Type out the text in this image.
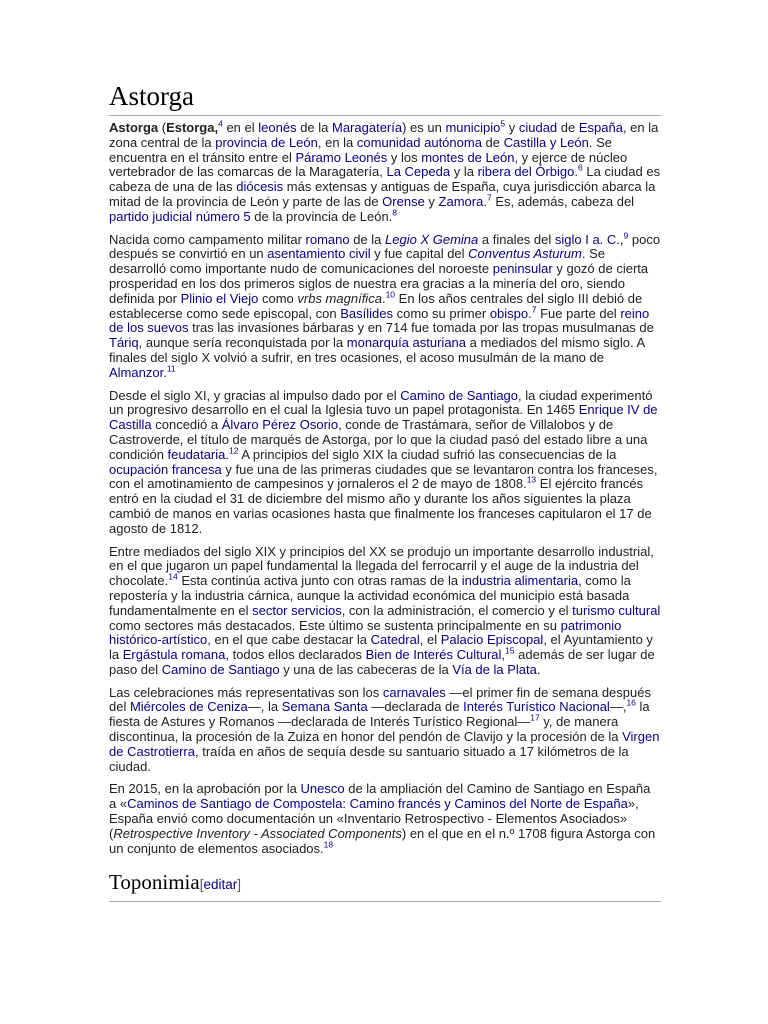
Astorga

Astorga (Estorga,$^4$ en el leonés de la Maragatería) es un municipio$^5$ y ciudad de España, en la zona central de la provincia de León, en la comunidad autónoma de Castilla y León. Se encuentra en el tránsito entre el Páramo Leonés y los montes de León, y ejerce de núcleo vertebrador de las comarcas de la Maragatería, La Cepeda y la ribera del Órbigo.$^6$ La ciudad es cabeza de una de las diócesis más extensas y antiguas de España, cuya jurisdicción abarca la mitad de la provincia de León y parte de las de Orense y Zamora.$^7$ Es, además, cabeza del partido judicial número 5 de la provincia de León.$^8$

Nacida como campamento militar romano de la Legio X Gemina a finales del siglo I a. C.,$^9$ poco después se convirtió en un asentamiento civil y fue capital del Conventus Asturum. Se desarrolló como importante nudo de comunicaciones del noroeste peninsular y gozó de cierta prosperidad en los dos primeros siglos de nuestra era gracias a la minería del oro, siendo definida por Plinio el Viejo como vrbs magnífica.$^{10}$ En los años centrales del siglo III debió de establecerse como sede episcopal, con Basílides como su primer obispo.$^7$ Fue parte del reino de los suevos tras las invasiones bárbaras y en 714 fue tomada por las tropas musulmanas de Táriq, aunque sería reconquistada por la monarquía asturiana a mediados del mismo siglo. A finales del siglo X volvió a sufrir, en tres ocasiones, el acoso musulmán de la mano de Almanzor.$^{11}$

Desde el siglo XI, y gracias al impulso dado por el Camino de Santiago, la ciudad experimentó un progresivo desarrollo en el cual la Iglesia tuvo un papel protagonista. En 1465 Enrique IV de Castilla concedió a Álvaro Pérez Osorio, conde de Trastámara, señor de Villalobos y de Castroverde, el título de marqués de Astorga, por lo que la ciudad pasó del estado libre a una condición feudataria.$^{12}$ A principios del siglo XIX la ciudad sufrió las consecuencias de la ocupación francesa y fue una de las primeras ciudades que se levantaron contra los franceses, con el amotinamiento de campesinos y jornaleros el 2 de mayo de 1808.13 El ejército francés entró en la ciudad el 31 de diciembre del mismo año y durante los años siguientes la plaza cambió de manos en varias ocasiones hasta que finalmente los franceses capitularon el 17 de agosto de 1812.

Entre mediados del siglo XIX y principios del XX se produjo un importante desarrollo industrial, en el que jugaron un papel fundamental la llegada del ferrocarril y el auge de la industria del chocolate.$^{14}$ Esta continúa activa junto con otras ramas de la industria alimentaria, como la repostería y la industria cárnica, aunque la actividad económica del municipio está basada fundamentalmente en el sector servicios, con la administración, el comercio y el turismo cultural como sectores más destacados. Este último se sustenta principalmente en su patrimonio histórico-artístico, en el que cabe destacar la Catedral, el Palacio Episcopal, el Ayuntamiento y la Ergástula romana, todos ellos declarados Bien de Interés Cultural,$^{15}$ además de ser lugar de paso del Camino de Santiago y una de las cabeceras de la Vía de la Plata.

Las celebraciones más representativas son los carnavales —el primer fin de semana después del Miércoles de Ceniza—, la Semana Santa —declarada de Interés Turístico Nacional—,$^{16}$ la fiesta de Astures y Romanos —declarada de Interés Turístico Regional—$^{17}$ y, de manera discontinua, la procesión de la Zuiza en honor del pendón de Clavijo y la procesión de la Virgen de Castrotierra, traída en años de sequía desde su santuario situado a 17 kilómetros de la ciudad.

En 2015, en la aprobación por la Unesco de la ampliación del Camino de Santiago en España a «Caminos de Santiago de Compostela: Camino francés y Caminos del Norte de España», España envió como documentación un «Inventario Retrospectivo - Elementos Asociados» (Retrospective Inventory - Associated Components) en el que en el n.º 1708 figura Astorga con un conjunto de elementos asociados.$^{18}$

Toponimia[editar]
